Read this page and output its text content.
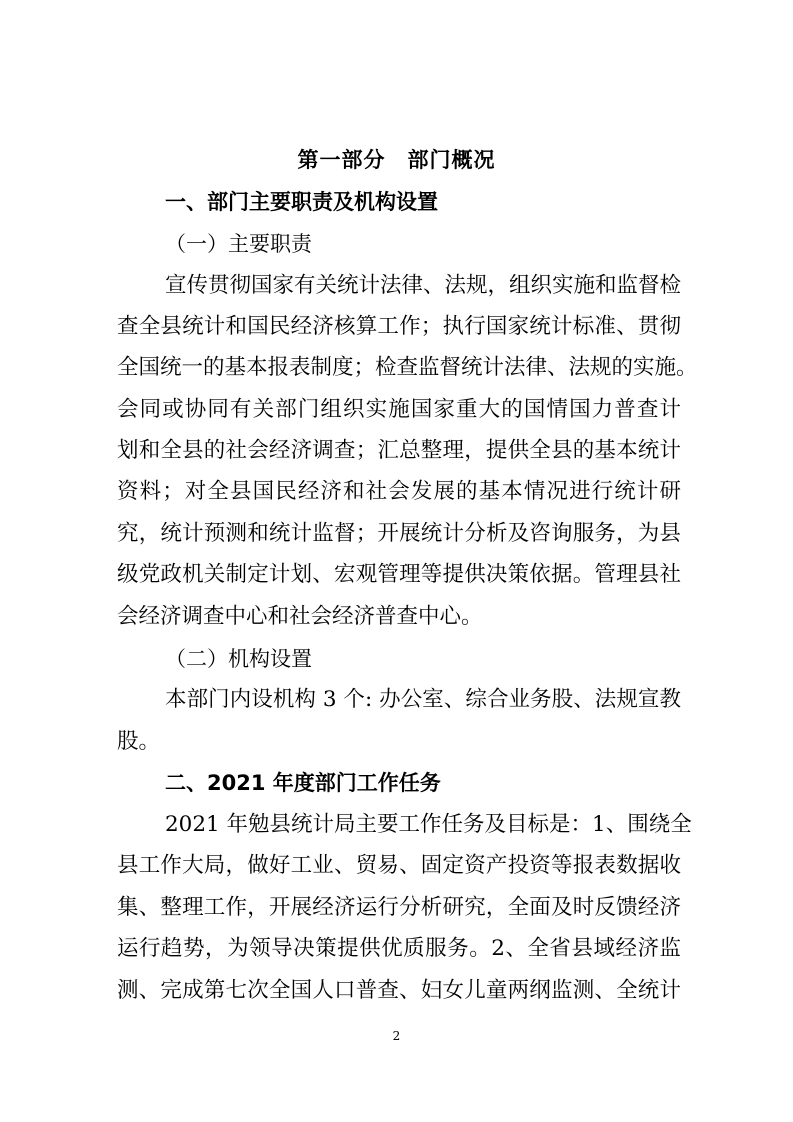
第一部分　部门概况
一、部门主要职责及机构设置
（一）主要职责
宣传贯彻国家有关统计法律、法规，组织实施和监督检
查全县统计和国民经济核算工作；执行国家统计标准、贯彻
全国统一的基本报表制度；检查监督统计法律、法规的实施。
会同或协同有关部门组织实施国家重大的国情国力普查计
划和全县的社会经济调查；汇总整理，提供全县的基本统计
资料；对全县国民经济和社会发展的基本情况进行统计研
究，统计预测和统计监督；开展统计分析及咨询服务，为县
级党政机关制定计划、宏观管理等提供决策依据。管理县社
会经济调查中心和社会经济普查中心。
（二）机构设置
本部门内设机构 3 个: 办公室、综合业务股、法规宣教
股。
二、2021 年度部门工作任务
2021 年勉县统计局主要工作任务及目标是：1、围绕全
县工作大局，做好工业、贸易、固定资产投资等报表数据收
集、整理工作，开展经济运行分析研究，全面及时反馈经济
运行趋势，为领导决策提供优质服务。2、全省县域经济监
测、完成第七次全国人口普查、妇女儿童两纲监测、全统计
2
